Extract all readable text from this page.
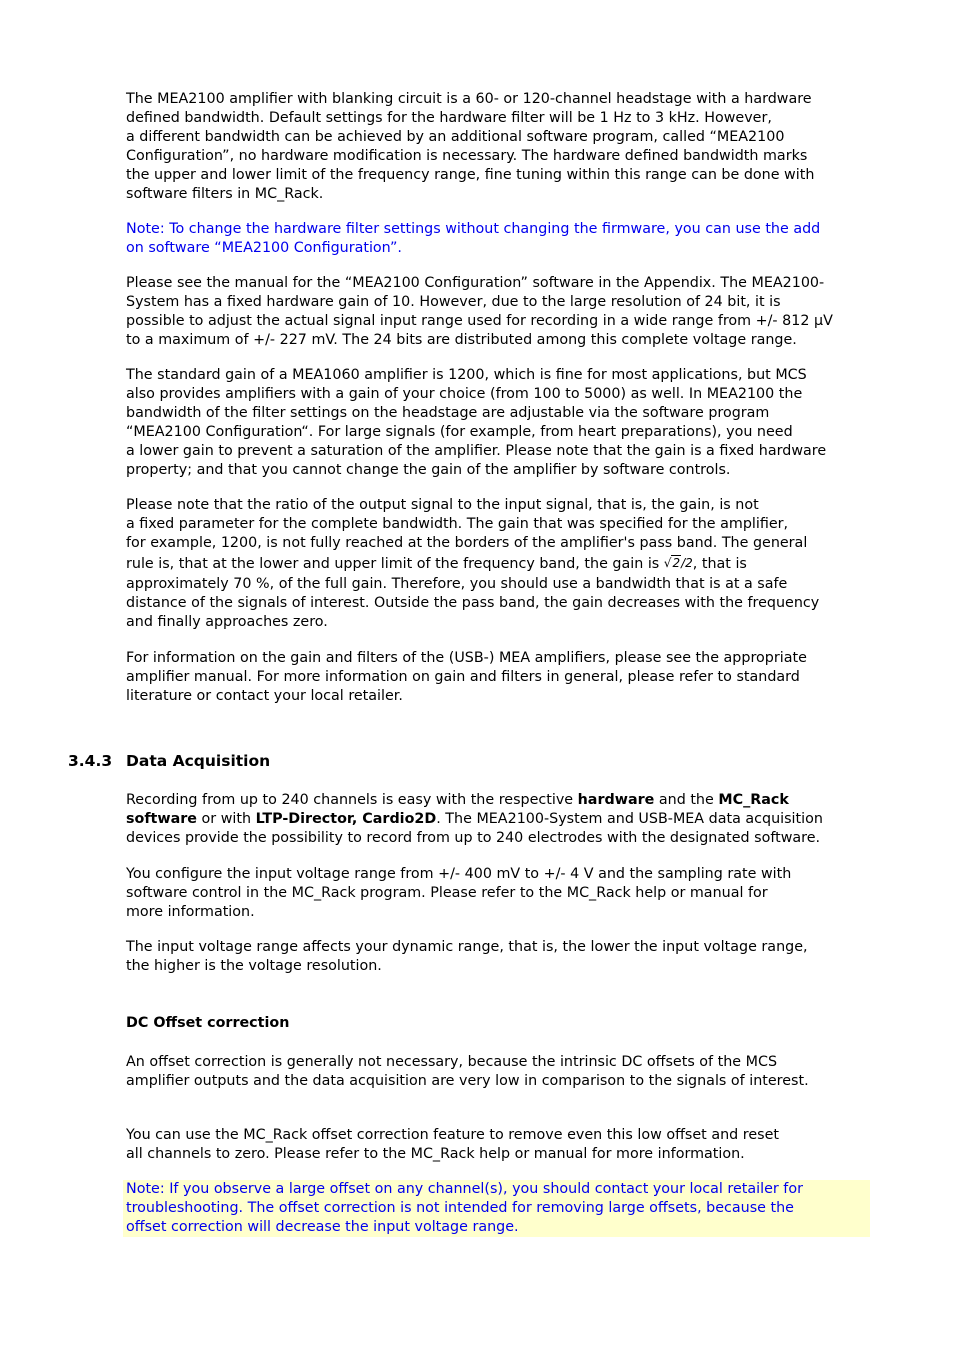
The MEA2100 amplifier with blanking circuit is a 60- or 120-channel headstage with a hardware
defined bandwidth. Default settings for the hardware filter will be 1 Hz to 3 kHz. However,
a different bandwidth can be achieved by an additional software program, called “MEA2100
Configuration”, no hardware modification is necessary. The hardware defined bandwidth marks
the upper and lower limit of the frequency range, fine tuning within this range can be done with
software filters in MC_Rack.

Note: To change the hardware filter settings without changing the firmware, you can use the add
on software “MEA2100 Configuration”.

Please see the manual for the “MEA2100 Configuration” software in the Appendix. The MEA2100-
System has a fixed hardware gain of 10. However, due to the large resolution of 24 bit, it is
possible to adjust the actual signal input range used for recording in a wide range from +/- 812 µV
to a maximum of +/- 227 mV. The 24 bits are distributed among this complete voltage range.

The standard gain of a MEA1060 amplifier is 1200, which is fine for most applications, but MCS
also provides amplifiers with a gain of your choice (from 100 to 5000) as well. In MEA2100 the
bandwidth of the filter settings on the headstage are adjustable via the software program
“MEA2100 Configuration“. For large signals (for example, from heart preparations), you need
a lower gain to prevent a saturation of the amplifier. Please note that the gain is a fixed hardware
property; and that you cannot change the gain of the amplifier by software controls.

Please note that the ratio of the output signal to the input signal, that is, the gain, is not
a fixed parameter for the complete bandwidth. The gain that was specified for the amplifier,
for example, 1200, is not fully reached at the borders of the amplifier's pass band. The general
rule is, that at the lower and upper limit of the frequency band, the gain is √2/2, that is
approximately 70 %, of the full gain. Therefore, you should use a bandwidth that is at a safe
distance of the signals of interest. Outside the pass band, the gain decreases with the frequency
and finally approaches zero.

For information on the gain and filters of the (USB-) MEA amplifiers, please see the appropriate
amplifier manual. For more information on gain and filters in general, please refer to standard
literature or contact your local retailer.

3.4.3 Data Acquisition

Recording from up to 240 channels is easy with the respective hardware and the MC_Rack
software or with LTP-Director, Cardio2D. The MEA2100-System and USB-MEA data acquisition
devices provide the possibility to record from up to 240 electrodes with the designated software.

You configure the input voltage range from +/- 400 mV to +/- 4 V and the sampling rate with
software control in the MC_Rack program. Please refer to the MC_Rack help or manual for
more information.

The input voltage range affects your dynamic range, that is, the lower the input voltage range,
the higher is the voltage resolution.

DC Offset correction

An offset correction is generally not necessary, because the intrinsic DC offsets of the MCS
amplifier outputs and the data acquisition are very low in comparison to the signals of interest.

You can use the MC_Rack offset correction feature to remove even this low offset and reset
all channels to zero. Please refer to the MC_Rack help or manual for more information.

Note: If you observe a large offset on any channel(s), you should contact your local retailer for
troubleshooting. The offset correction is not intended for removing large offsets, because the
offset correction will decrease the input voltage range.
